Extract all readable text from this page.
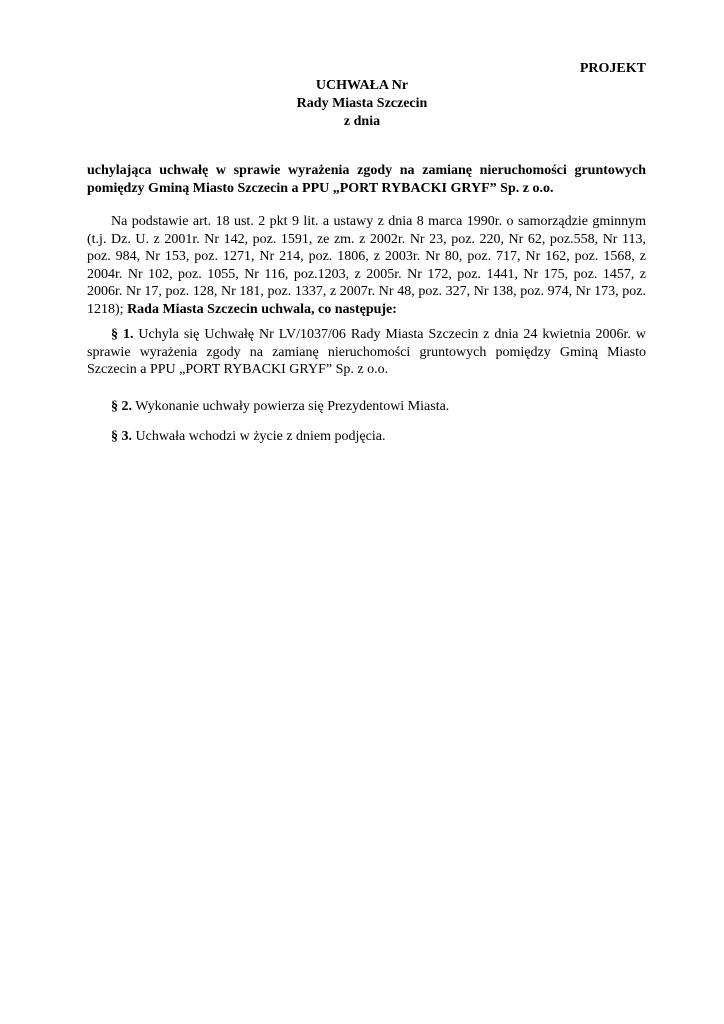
PROJEKT
UCHWAŁA Nr
Rady Miasta Szczecin
z dnia
uchylająca uchwałę w sprawie wyrażenia zgody na zamianę nieruchomości gruntowych pomiędzy Gminą Miasto Szczecin a PPU „PORT RYBACKI GRYF” Sp. z o.o.
Na podstawie art. 18 ust. 2 pkt 9 lit. a ustawy z dnia 8 marca 1990r. o samorządzie gminnym (t.j. Dz. U. z 2001r. Nr 142, poz. 1591, ze zm. z 2002r. Nr 23, poz. 220, Nr 62, poz.558, Nr 113, poz. 984, Nr 153, poz. 1271, Nr 214, poz. 1806, z 2003r. Nr 80, poz. 717, Nr 162, poz. 1568, z 2004r. Nr 102, poz. 1055, Nr 116, poz.1203, z 2005r. Nr 172, poz. 1441, Nr 175, poz. 1457, z 2006r. Nr 17, poz. 128, Nr 181, poz. 1337, z 2007r. Nr 48, poz. 327, Nr 138, poz. 974, Nr 173, poz. 1218); Rada Miasta Szczecin uchwala, co następuje:
§ 1. Uchyla się Uchwałę Nr LV/1037/06 Rady Miasta Szczecin z dnia 24 kwietnia 2006r. w sprawie wyrażenia zgody na zamianę nieruchomości gruntowych pomiędzy Gminą Miasto Szczecin a PPU „PORT RYBACKI GRYF” Sp. z o.o.
§ 2. Wykonanie uchwały powierza się Prezydentowi Miasta.
§ 3. Uchwała wchodzi w życie z dniem podjęcia.
